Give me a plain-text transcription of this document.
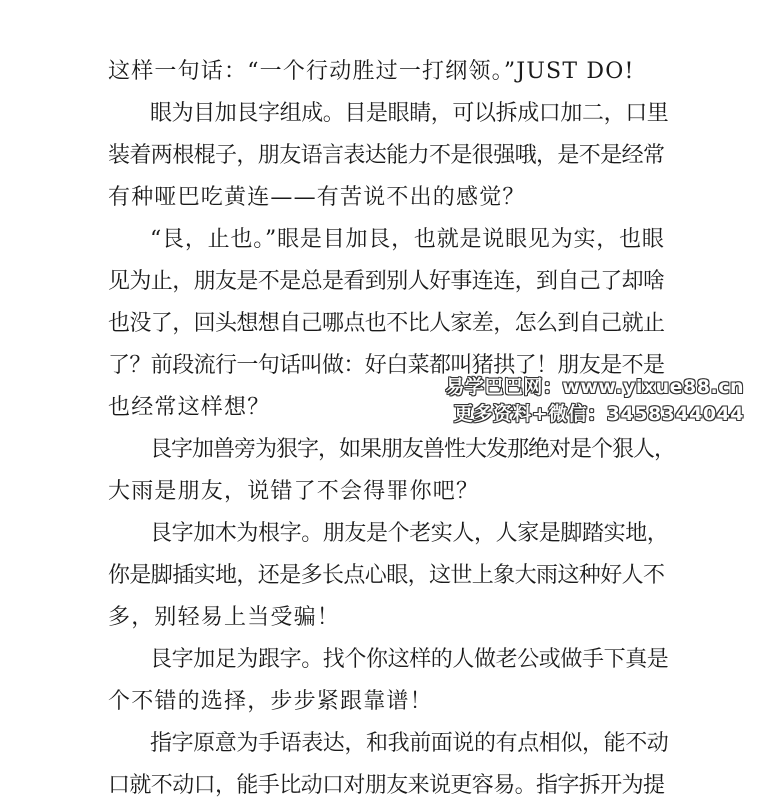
这样一句话：“一个行动胜过一打纲领。”JUST DO!
眼为目加艮字组成。目是眼睛，可以拆成口加二，口里
装着两根棍子，朋友语言表达能力不是很强哦，是不是经常
有种哑巴吃黄连——有苦说不出的感觉？
“艮，止也。”眼是目加艮，也就是说眼见为实，也眼
见为止，朋友是不是总是看到别人好事连连，到自己了却啥
也没了，回头想想自己哪点也不比人家差，怎么到自己就止
了？前段流行一句话叫做：好白菜都叫猪拱了！朋友是不是
也经常这样想？
艮字加兽旁为狠字，如果朋友兽性大发那绝对是个狠人，
大雨是朋友，说错了不会得罪你吧？
艮字加木为根字。朋友是个老实人，人家是脚踏实地，
你是脚插实地，还是多长点心眼，这世上象大雨这种好人不
多，别轻易上当受骗！
艮字加足为跟字。找个你这样的人做老公或做手下真是
个不错的选择，步步紧跟靠谱！
指字原意为手语表达，和我前面说的有点相似，能不动
口就不动口，能手比动口对朋友来说更容易。指字拆开为提
易学巴巴网：www.yixue88.cn
更多资料+微信：3458344044
